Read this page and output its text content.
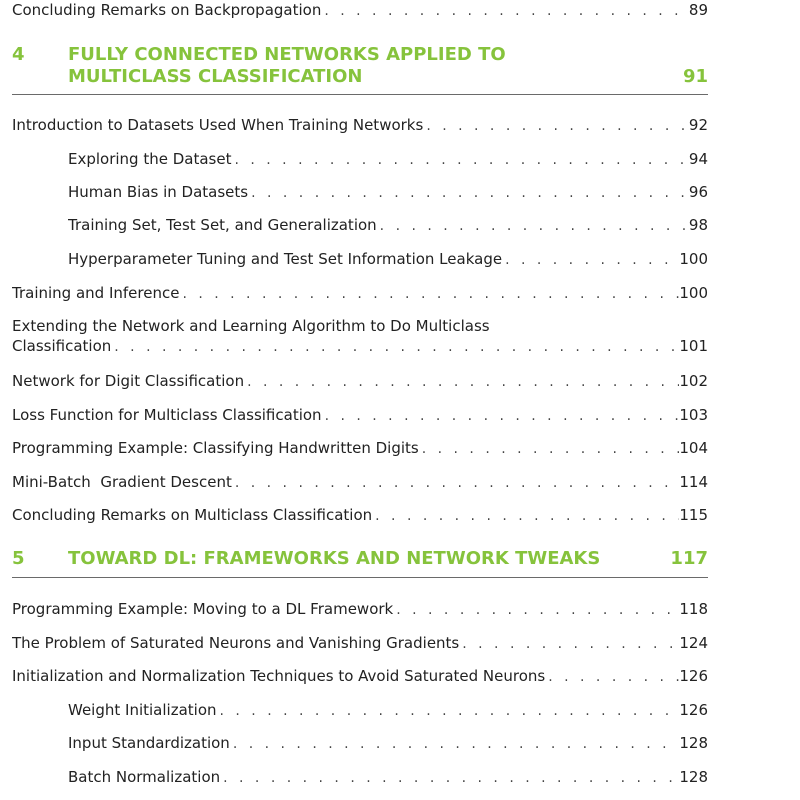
Concluding Remarks on Backpropagation . . .	89
4 FULLY CONNECTED NETWORKS APPLIED TO
MULTICLASS CLASSIFICATION	91
Introduction to Datasets Used When Training Networks . . .	92
Exploring the Dataset . . .	94
Human Bias in Datasets . . .	96
Training Set, Test Set, and Generalization . . .	98
Hyperparameter Tuning and Test Set Information Leakage . . .	100
Training and Inference . . .	100
Extending the Network and Learning Algorithm to Do Multiclass
Classification . . .	101
Network for Digit Classification . . .	102
Loss Function for Multiclass Classification . . .	103
Programming Example: Classifying Handwritten Digits . . .	104
Mini-Batch  Gradient Descent . . .	114
Concluding Remarks on Multiclass Classification . . .	115
5 TOWARD DL: FRAMEWORKS AND NETWORK TWEAKS	117
Programming Example: Moving to a DL Framework . . .	118
The Problem of Saturated Neurons and Vanishing Gradients . . .	124
Initialization and Normalization Techniques to Avoid Saturated Neurons . . .	126
Weight Initialization . . .	126
Input Standardization . . .	128
Batch Normalization . . .	128
